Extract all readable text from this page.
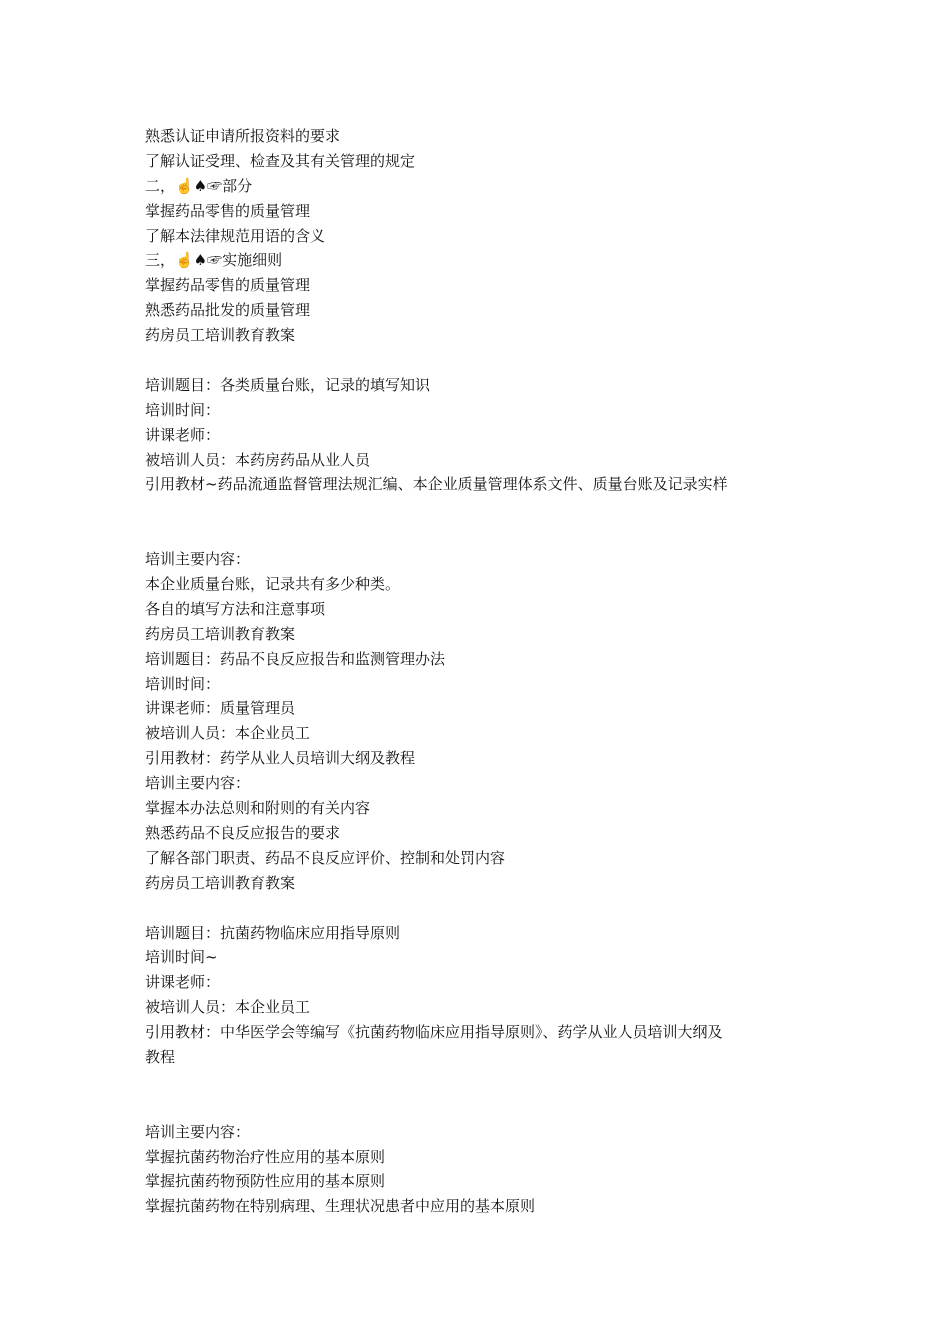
熟悉认证申请所报资料的要求
了解认证受理、检查及其有关管理的规定
二，☝♠☞部分
掌握药品零售的质量管理
了解本法律规范用语的含义
三，☝♠☞实施细则
掌握药品零售的质量管理
熟悉药品批发的质量管理
药房员工培训教育教案
培训题目：各类质量台账，记录的填写知识
培训时间：
讲课老师：
被培训人员：本药房药品从业人员
引用教材~药品流通监督管理法规汇编、本企业质量管理体系文件、质量台账及记录实样
培训主要内容：
本企业质量台账，记录共有多少种类。
各自的填写方法和注意事项
药房员工培训教育教案
培训题目：药品不良反应报告和监测管理办法
培训时间：
讲课老师：质量管理员
被培训人员：本企业员工
引用教材：药学从业人员培训大纲及教程
培训主要内容：
掌握本办法总则和附则的有关内容
熟悉药品不良反应报告的要求
了解各部门职责、药品不良反应评价、控制和处罚内容
药房员工培训教育教案
培训题目：抗菌药物临床应用指导原则
培训时间~
讲课老师：
被培训人员：本企业员工
引用教材：中华医学会等编写《抗菌药物临床应用指导原则》、药学从业人员培训大纲及
教程
培训主要内容：
掌握抗菌药物治疗性应用的基本原则
掌握抗菌药物预防性应用的基本原则
掌握抗菌药物在特别病理、生理状况患者中应用的基本原则
